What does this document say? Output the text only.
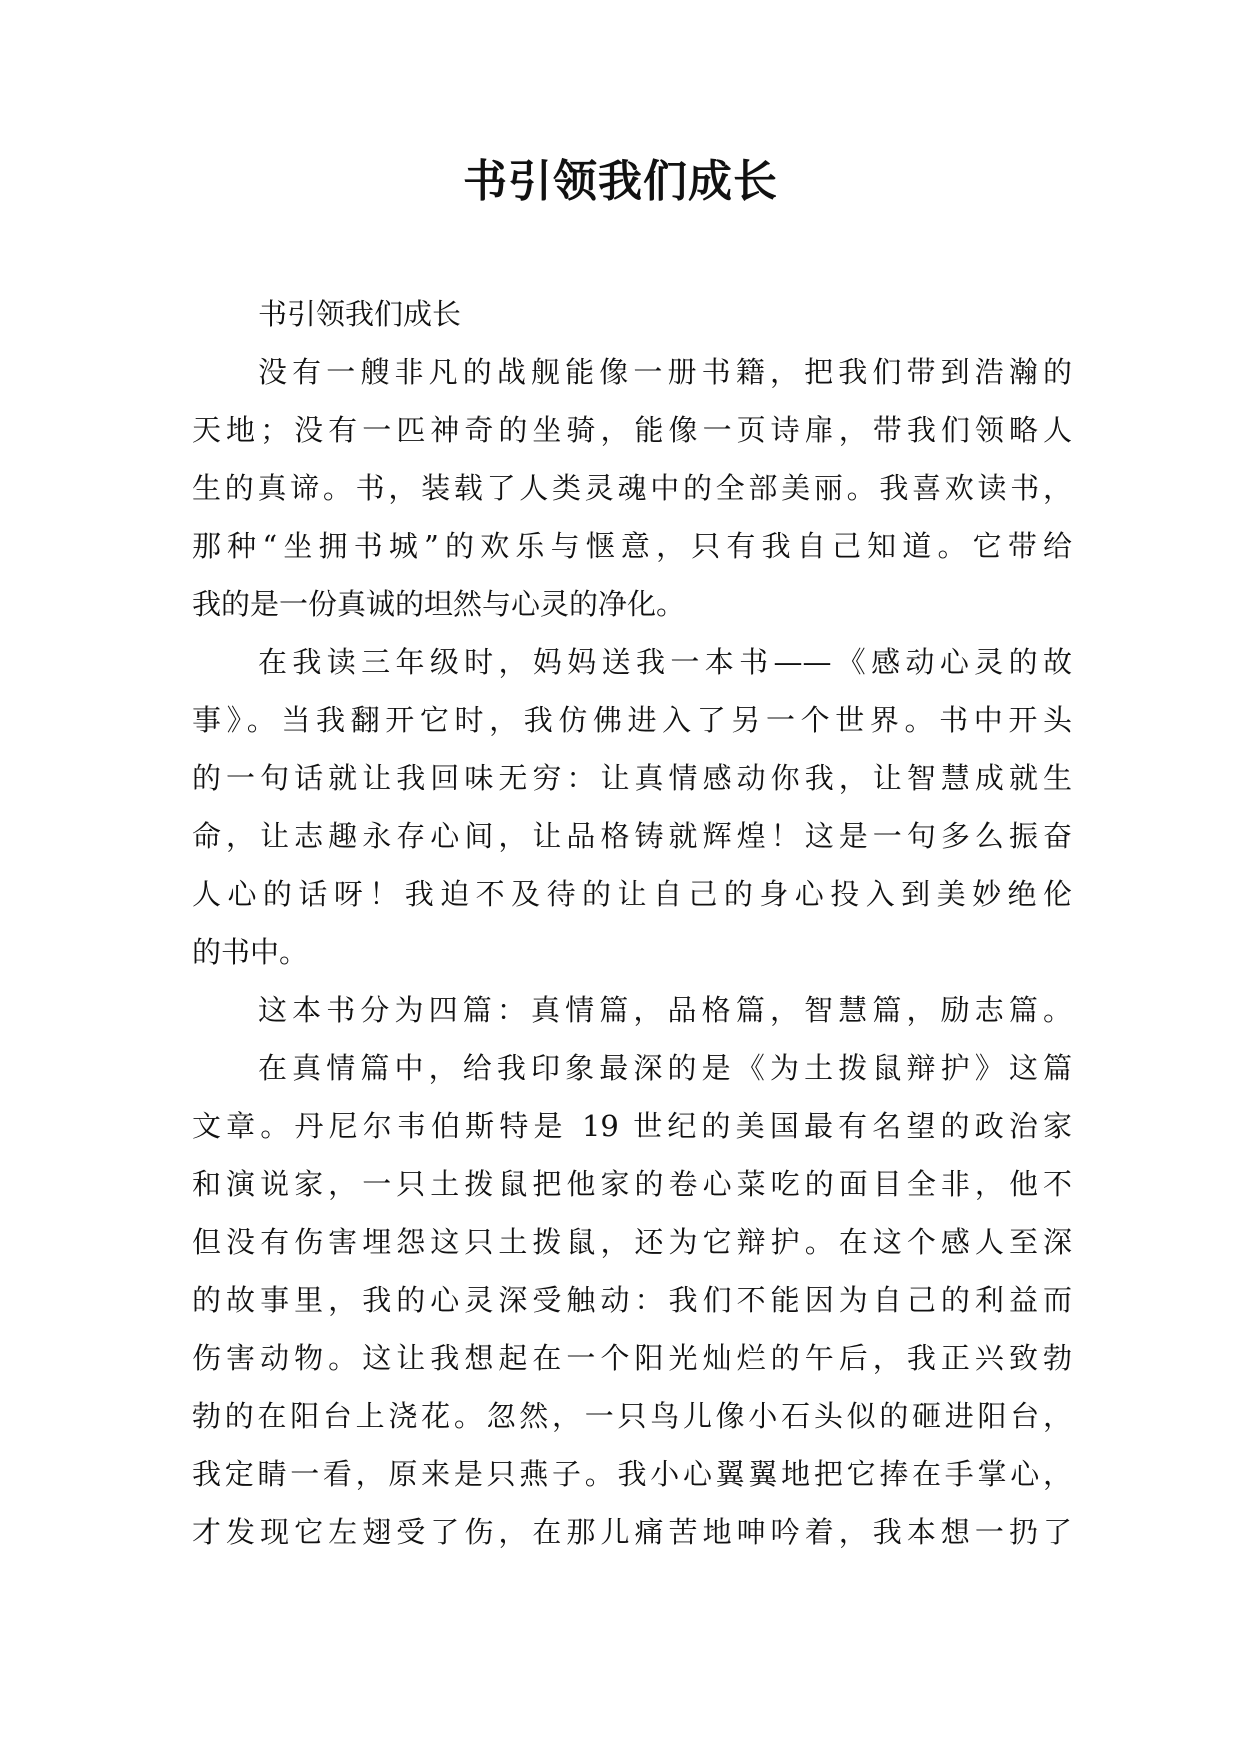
书引领我们成长
书引领我们成长
没有一艘非凡的战舰能像一册书籍，把我们带到浩瀚的
天地；没有一匹神奇的坐骑，能像一页诗扉，带我们领略人
生的真谛。书，装载了人类灵魂中的全部美丽。我喜欢读书，
那种“坐拥书城”的欢乐与惬意，只有我自己知道。它带给
我的是一份真诚的坦然与心灵的净化。
在我读三年级时，妈妈送我一本书——《感动心灵的故
事》。当我翻开它时，我仿佛进入了另一个世界。书中开头
的一句话就让我回味无穷：让真情感动你我，让智慧成就生
命，让志趣永存心间，让品格铸就辉煌！这是一句多么振奋
人心的话呀！我迫不及待的让自己的身心投入到美妙绝伦
的书中。
这本书分为四篇：真情篇，品格篇，智慧篇，励志篇。
在真情篇中，给我印象最深的是《为土拨鼠辩护》这篇
文章。丹尼尔韦伯斯特是 19 世纪的美国最有名望的政治家
和演说家，一只土拨鼠把他家的卷心菜吃的面目全非，他不
但没有伤害埋怨这只土拨鼠，还为它辩护。在这个感人至深
的故事里，我的心灵深受触动：我们不能因为自己的利益而
伤害动物。这让我想起在一个阳光灿烂的午后，我正兴致勃
勃的在阳台上浇花。忽然，一只鸟儿像小石头似的砸进阳台，
我定睛一看，原来是只燕子。我小心翼翼地把它捧在手掌心，
才发现它左翅受了伤，在那儿痛苦地呻吟着，我本想一扔了
